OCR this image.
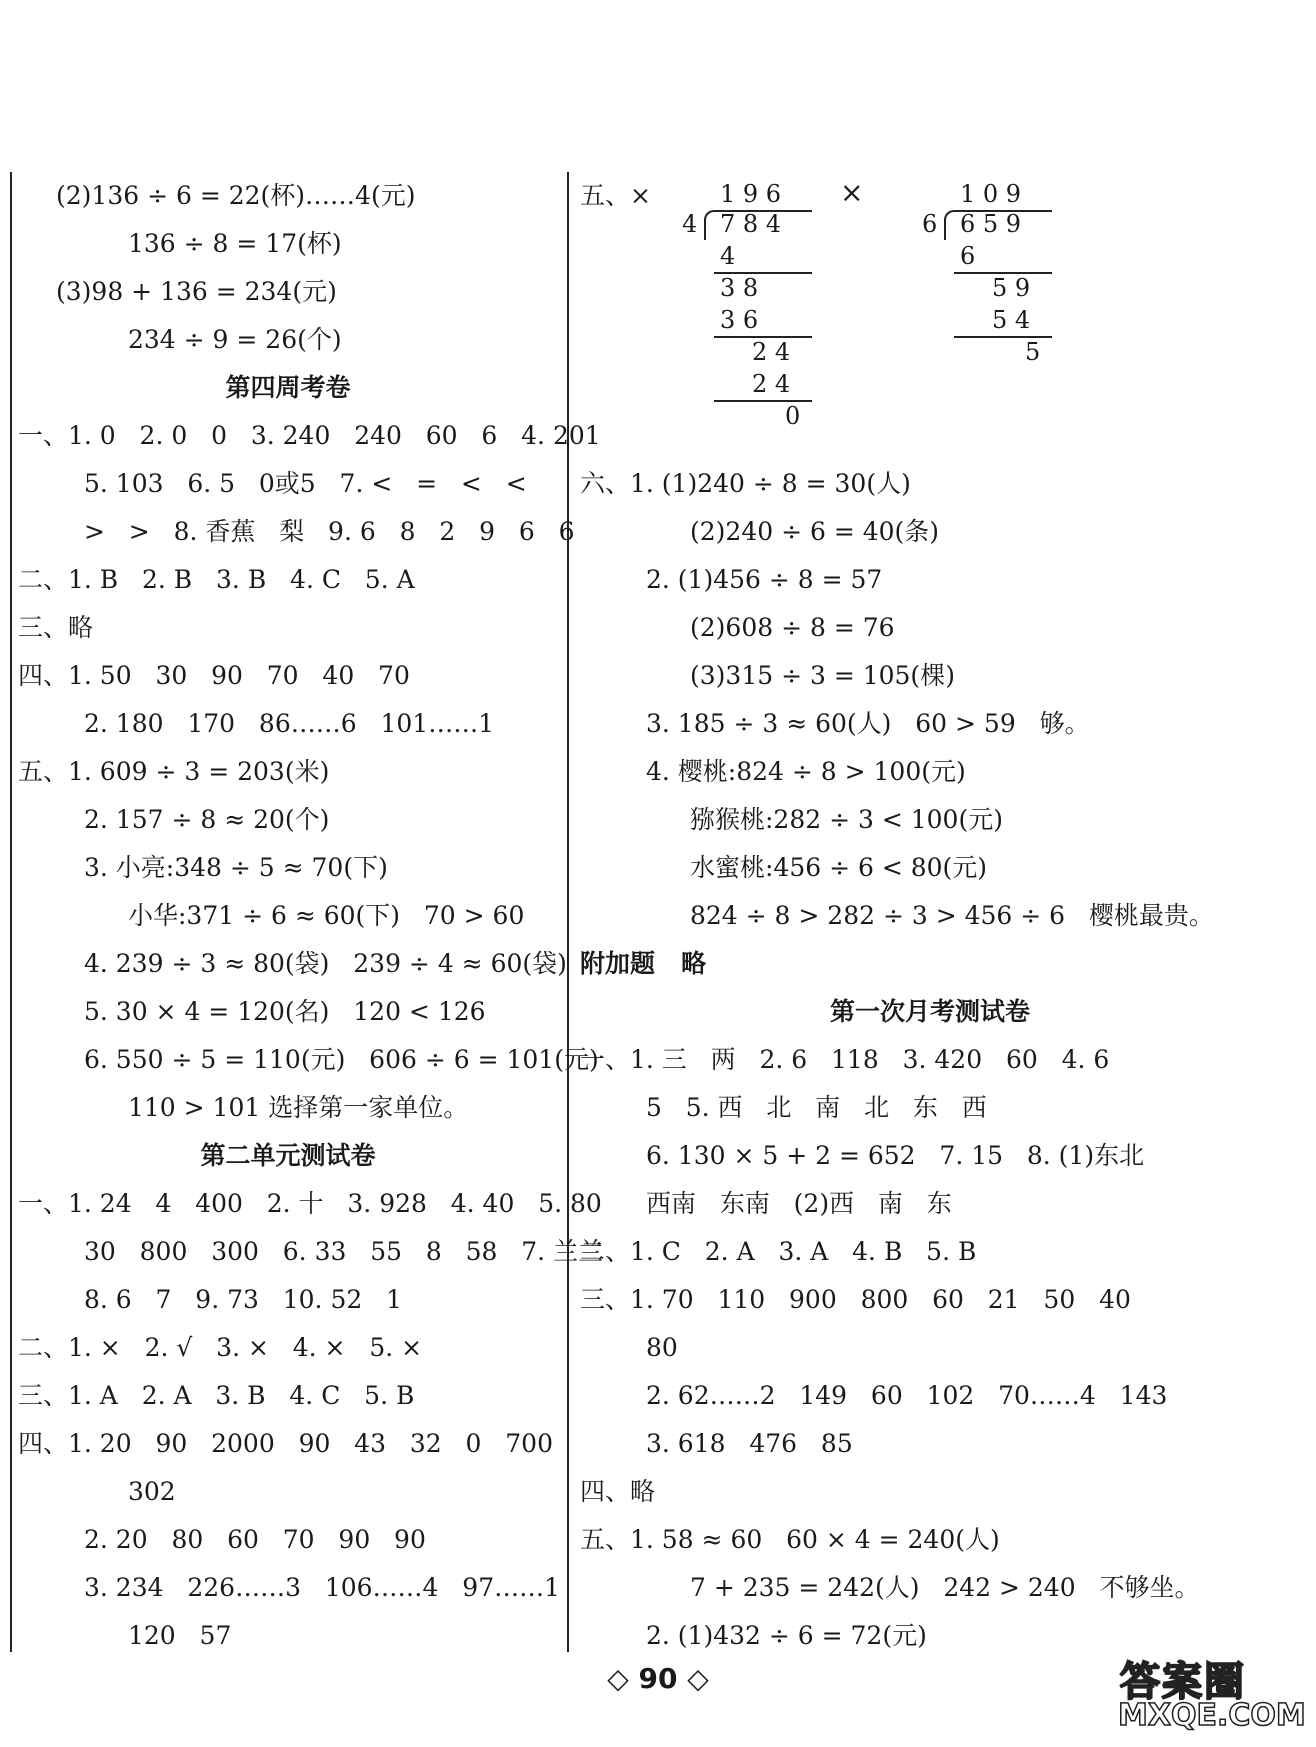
(2)136 ÷ 6 = 22(杯)……4(元)
136 ÷ 8 = 17(杯)
(3)98 + 136 = 234(元)
234 ÷ 9 = 26(个)
第四周考卷
一、1. 0   2. 0   0   3. 240   240   60   6   4. 201
5. 103   6. 5   0或5   7. <   =   <   <
>   >   8. 香蕉   梨   9. 6   8   2   9   6   6
二、1. B   2. B   3. B   4. C   5. A
三、略
四、1. 50   30   90   70   40   70
2. 180   170   86……6   101……1
五、1. 609 ÷ 3 = 203(米)
2. 157 ÷ 8 ≈ 20(个)
3. 小亮:348 ÷ 5 ≈ 70(下)
小华:371 ÷ 6 ≈ 60(下)   70 > 60
4. 239 ÷ 3 ≈ 80(袋)   239 ÷ 4 ≈ 60(袋)
5. 30 × 4 = 120(名)   120 < 126
6. 550 ÷ 5 = 110(元)   606 ÷ 6 = 101(元)
110 > 101 选择第一家单位。
第二单元测试卷
一、1. 24   4   400   2. 十   3. 928   4. 40   5. 80
30   800   300   6. 33   55   8   58   7. 兰兰
8. 6   7   9. 73   10. 52   1
二、1. ×   2. √   3. ×   4. ×   5. ×
三、1. A   2. A   3. B   4. C   5. B
四、1. 20   90   2000   90   43   32   0   700
302
2. 20   80   60   70   90   90
3. 234   226……3   106……4   97……1
120   57
五、×	1 9 6
4 7 8 4
4
3 8
3 6
2 4
2 4
0
×	1 0 9
6 6 5 9
6
5 9
5 4
5
六、1. (1)240 ÷ 8 = 30(人)
(2)240 ÷ 6 = 40(条)
2. (1)456 ÷ 8 = 57
(2)608 ÷ 8 = 76
(3)315 ÷ 3 = 105(棵)
3. 185 ÷ 3 ≈ 60(人)   60 > 59   够。
4. 樱桃:824 ÷ 8 > 100(元)
猕猴桃:282 ÷ 3 < 100(元)
水蜜桃:456 ÷ 6 < 80(元)
824 ÷ 8 > 282 ÷ 3 > 456 ÷ 6   樱桃最贵。
附加题   略
第一次月考测试卷
一、1. 三   两   2. 6   118   3. 420   60   4. 6
5   5. 西   北   南   北   东   西
6. 130 × 5 + 2 = 652   7. 15   8. (1)东北
西南   东南   (2)西   南   东
二、1. C   2. A   3. A   4. B   5. B
三、1. 70   110   900   800   60   21   50   40
80
2. 62……2   149   60   102   70……4   143
3. 618   476   85
四、略
五、1. 58 ≈ 60   60 × 4 = 240(人)
7 + 235 = 242(人)   242 > 240   不够坐。
2. (1)432 ÷ 6 = 72(元)
◇ 90 ◇	答案圈
MXQE.COM
